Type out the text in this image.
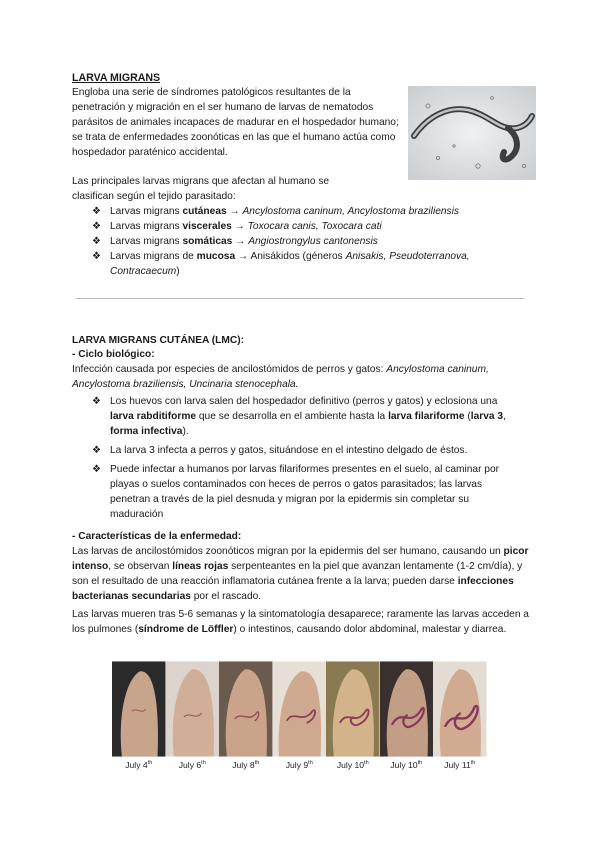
LARVA MIGRANS

Engloba una serie de síndromes patológicos resultantes de la penetración y migración en el ser humano de larvas de nematodos parásitos de animales incapaces de madurar en el hospedador humano; se trata de enfermedades zoonóticas en las que el humano actúa como hospedador paraténico accidental.

Las principales larvas migrans que afectan al humano se clasifican según el tejido parasitado:
❖ Larvas migrans cutáneas → Ancylostoma caninum, Ancylostoma braziliensis
❖ Larvas migrans viscerales → Toxocara canis, Toxocara cati
❖ Larvas migrans somáticas → Angiostrongylus cantonensis
❖ Larvas migrans de mucosa → Anisákidos (géneros Anisakis, Pseudoterranova, Contracaecum)
LARVA MIGRANS CUTÁNEA (LMC):
- Ciclo biológico:

Infección causada por especies de ancilostómidos de perros y gatos: Ancylostoma caninum, Ancylostoma braziliensis, Uncinaria stenocephala.

❖ Los huevos con larva salen del hospedador definitivo (perros y gatos) y eclosiona una larva rabditiforme que se desarrolla en el ambiente hasta la larva filariforme (larva 3, forma infectiva).
❖ La larva 3 infecta a perros y gatos, situándose en el intestino delgado de éstos.
❖ Puede infectar a humanos por larvas filariformes presentes en el suelo, al caminar por playas o suelos contaminados con heces de perros o gatos parasitados; las larvas penetran a través de la piel desnuda y migran por la epidermis sin completar su maduración
- Características de la enfermedad:

Las larvas de ancilostómidos zoonóticos migran por la epidermis del ser humano, causando un picor intenso, se observan líneas rojas serpenteantes en la piel que avanzan lentamente (1-2 cm/día), y son el resultado de una reacción inflamatoria cutánea frente a la larva; pueden darse infecciones bacterianas secundarias por el rascado.

Las larvas mueren tras 5-6 semanas y la sintomatología desaparece; raramente las larvas acceden a los pulmones (síndrome de Löffler) o intestinos, causando dolor abdominal, malestar y diarrea.

July 4th	July 6th	July 8th	July 9th	July 10th	July 10th	July 11th
